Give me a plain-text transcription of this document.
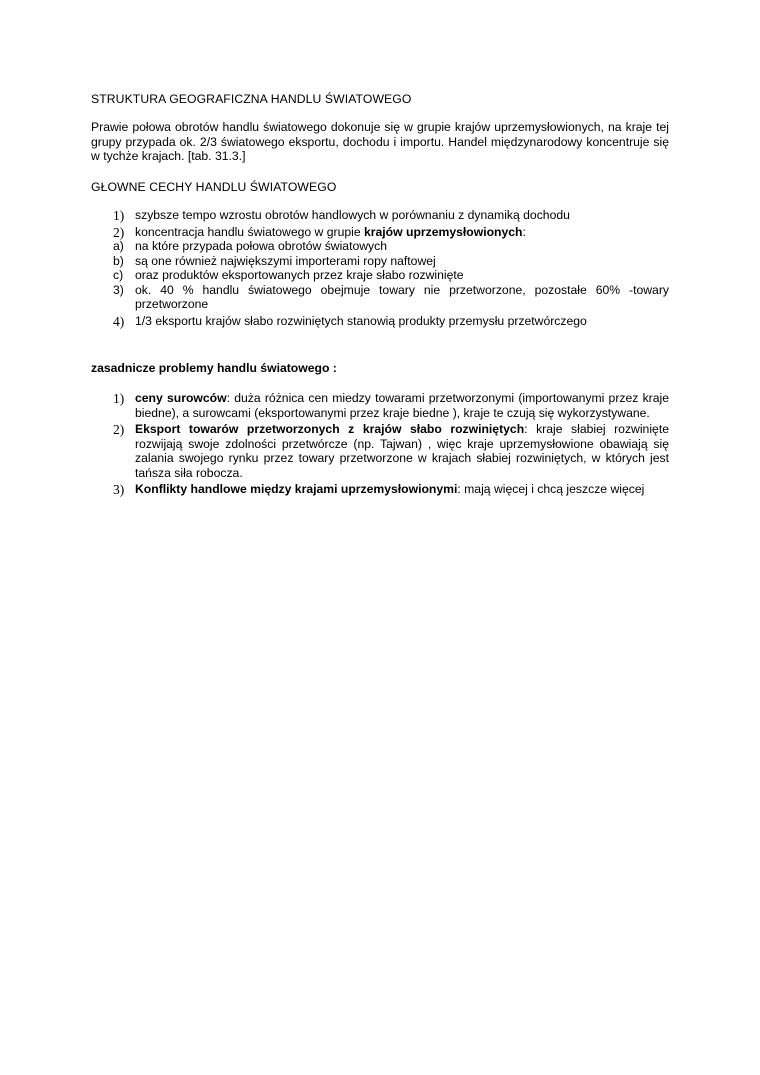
STRUKTURA GEOGRAFICZNA HANDLU ŚWIATOWEGO
Prawie połowa obrotów handlu światowego dokonuje się w grupie krajów uprzemysłowionych, na kraje tej grupy przypada ok. 2/3 światowego eksportu, dochodu i importu. Handel międzynarodowy koncentruje się w tychże krajach. [tab. 31.3.]
GŁOWNE CECHY HANDLU ŚWIATOWEGO
1) szybsze tempo wzrostu obrotów handlowych w porównaniu z dynamiką dochodu
2) koncentracja handlu światowego w grupie krajów uprzemysłowionych:
a) na które przypada połowa obrotów światowych
b) są one również największymi importerami ropy naftowej
c) oraz produktów eksportowanych przez kraje słabo rozwinięte
3) ok. 40 % handlu światowego obejmuje towary nie przetworzone, pozostałe 60% -towary przetworzone
4) 1/3 eksportu krajów słabo rozwiniętych stanowią produkty przemysłu przetwórczego
zasadnicze problemy handlu światowego :
1) ceny surowców: duża różnica cen miedzy towarami przetworzonymi (importowanymi przez kraje biedne), a surowcami (eksportowanymi przez kraje biedne ), kraje te czują się wykorzystywane.
2) Eksport towarów przetworzonych z krajów słabo rozwiniętych: kraje słabiej rozwinięte rozwijają swoje zdolności przetwórcze (np. Tajwan) , więc kraje uprzemysłowione obawiają się zalania swojego rynku przez towary przetworzone w krajach słabiej rozwiniętych, w których jest tańsza siła robocza.
3) Konflikty handlowe między krajami uprzemysłowionymi: mają więcej i chcą jeszcze więcej
